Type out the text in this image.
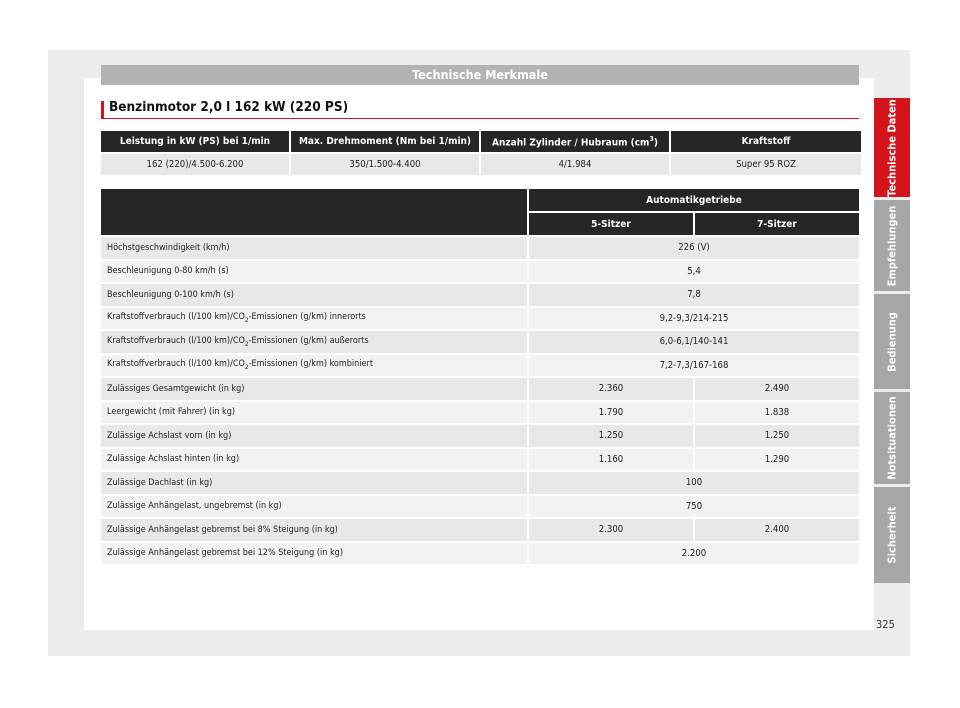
Technische Merkmale
Benzinmotor 2,0 l 162 kW (220 PS)
Leistung in kW (PS) bei 1/min	Max. Drehmoment (Nm bei 1/min)	Anzahl Zylinder / Hubraum $(cm^3)$	Kraftstoff
162 (220)/4.500-6.200	350/1.500-4.400	4/1.984	Super 95 ROZ
	Automatikgetriebe	
	5-Sitzer	7-Sitzer
Höchstgeschwindigkeit (km/h)	226 (V)	
Beschleunigung 0-80 km/h (s)	5,4	
Beschleunigung 0-100 km/h (s)	7,8	
Kraftstoffverbrauch (l/100 $km)/CO_2$-Emissionen (g/km) innerorts	9,2-9,3/214-215	
Kraftstoffverbrauch (l/100 $km)/CO_2$-Emissionen (g/km) außerorts	6,0-6,1/140-141	
Kraftstoffverbrauch (l/100 $km)/CO_2$-Emissionen (g/km) kombiniert	7,2-7,3/167-168	
Zulässiges Gesamtgewicht (in kg)	2.360	2.490
Leergewicht (mit Fahrer) (in kg)	1.790	1.838
Zulässige Achslast vorn (in kg)	1.250	1.250
Zulässige Achslast hinten (in kg)	1.160	1.290
Zulässige Dachlast (in kg)	100	
Zulässige Anhängelast, ungebremst (in kg)	750	
Zulässige Anhängelast gebremst bei 8% Steigung (in kg)	2.300	2.400
Zulässige Anhängelast gebremst bei 12% Steigung (in kg)	2.200	
Technische Daten
Empfehlungen
Bedienung
Notsituationen
Sicherheit
325
